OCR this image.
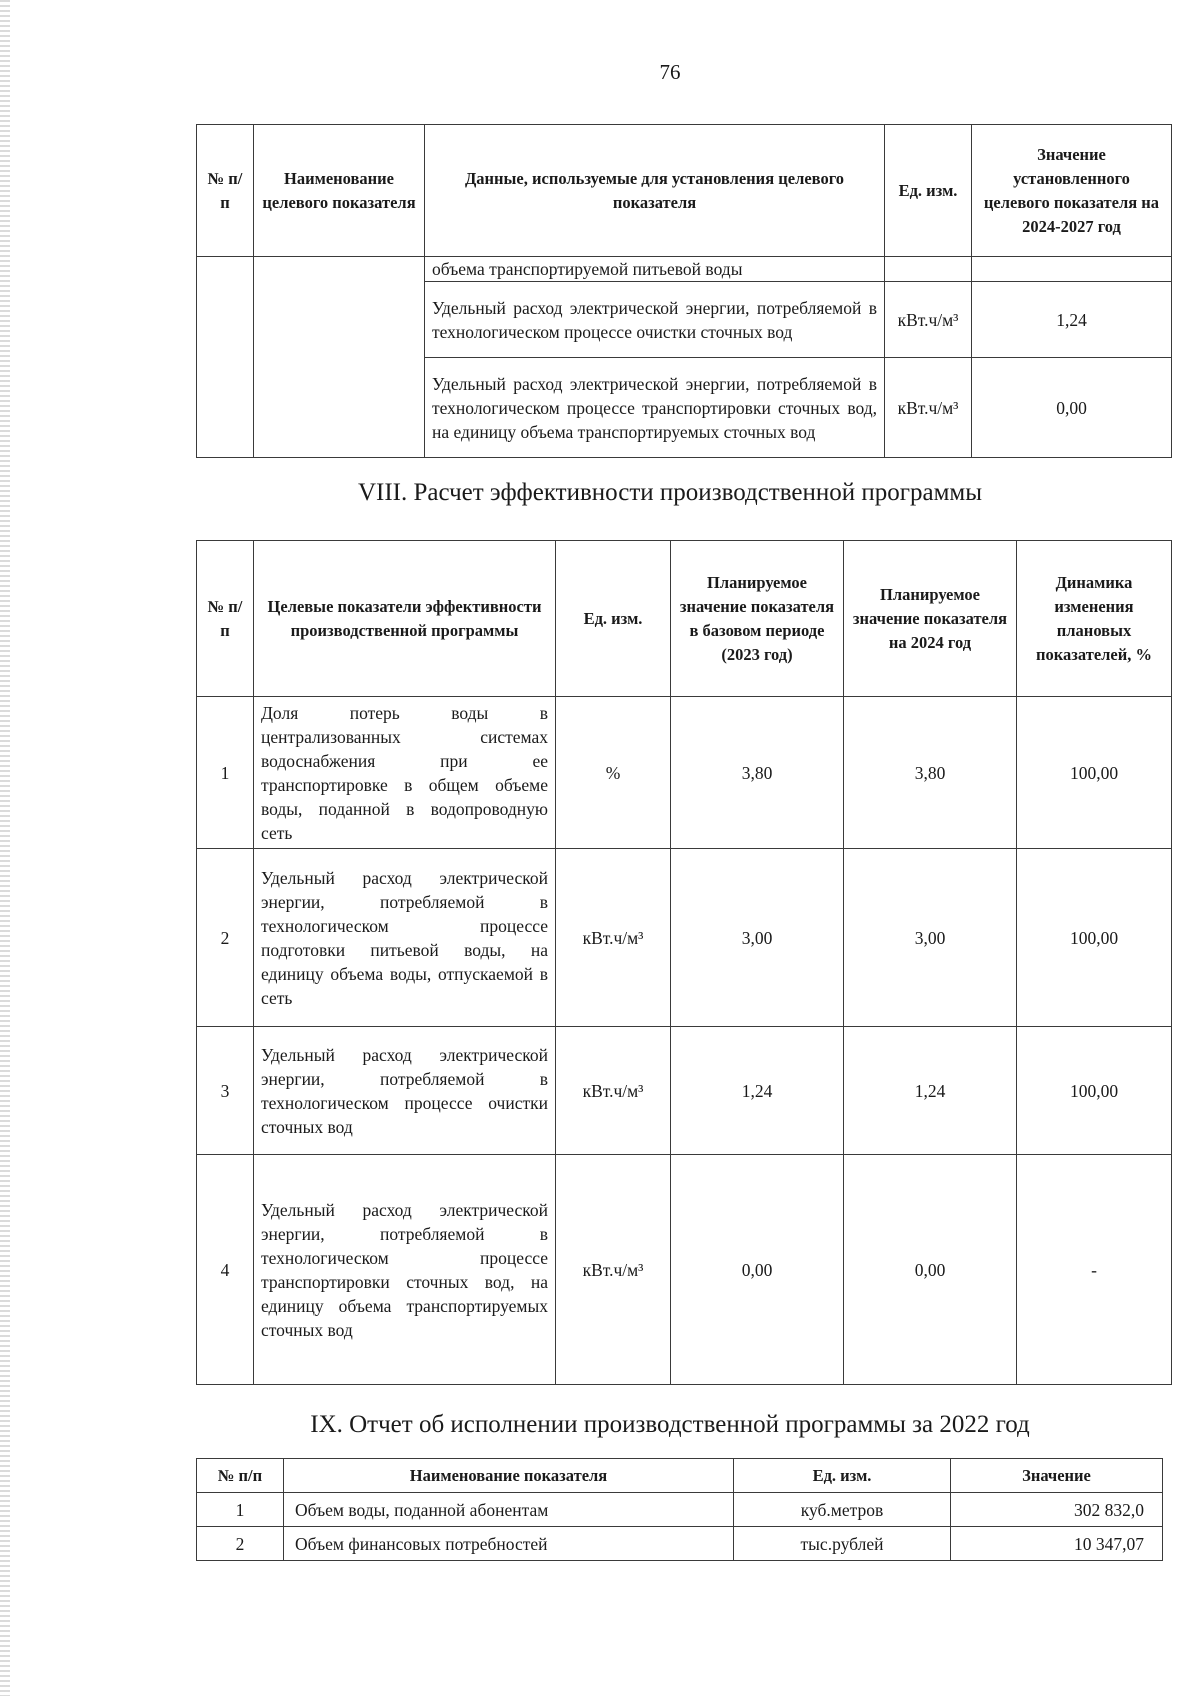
76
№ п/п	Наименование целевого показателя	Данные, используемые для установления целевого показателя	Ед. изм.	Значение установленного целевого показателя на 2024-2027 год
		объема транспортируемой питьевой воды		
		Удельный расход электрической энергии, потребляемой в технологическом процессе очистки сточных вод	кВт.ч/м³	1,24
		Удельный расход электрической энергии, потребляемой в технологическом процессе транспортировки сточных вод, на единицу объема транспортируемых сточных вод	кВт.ч/м³	0,00
VIII. Расчет эффективности производственной программы
№ п/п	Целевые показатели эффективности производственной программы	Ед. изм.	Планируемое значение показателя в базовом периоде (2023 год)	Планируемое значение показателя на 2024 год	Динамика изменения плановых показателей, %
1	Доля потерь воды в централизованных системах водоснабжения при ее транспортировке в общем объеме воды, поданной в водопроводную сеть	%	3,80	3,80	100,00
2	Удельный расход электрической энергии, потребляемой в технологическом процессе подготовки питьевой воды, на единицу объема воды, отпускаемой в сеть	кВт.ч/м³	3,00	3,00	100,00
3	Удельный расход электрической энергии, потребляемой в технологическом процессе очистки сточных вод	кВт.ч/м³	1,24	1,24	100,00
4	Удельный расход электрической энергии, потребляемой в технологическом процессе транспортировки сточных вод, на единицу объема транспортируемых сточных вод	кВт.ч/м³	0,00	0,00	-
IX. Отчет об исполнении производственной программы за 2022 год
№ п/п	Наименование показателя	Ед. изм.	Значение
1	Объем воды, поданной абонентам	куб.метров	302 832,0
2	Объем финансовых потребностей	тыс.рублей	10 347,07
